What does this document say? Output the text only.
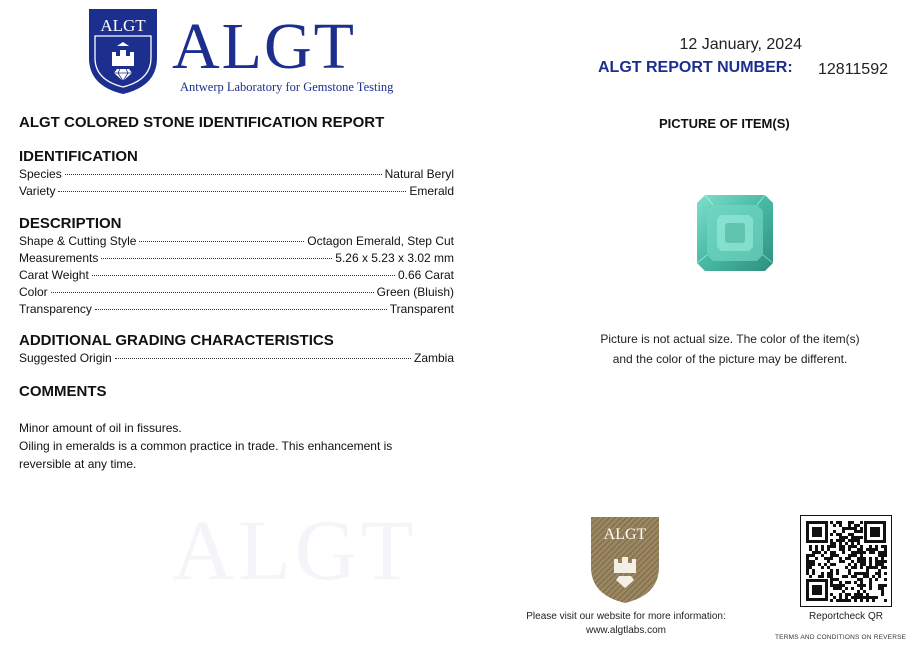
ALGT ALGT
Antwerp Laboratory for Gemstone Testing
12 January, 2024
ALGT REPORT NUMBER: 12811592
ALGT
ALGT COLORED STONE IDENTIFICATION REPORT
IDENTIFICATION
Species	Natural Beryl
Variety	Emerald
DESCRIPTION
Shape & Cutting Style	Octagon Emerald, Step Cut
Measurements	5.26 x 5.23 x 3.02 mm
Carat Weight	0.66 Carat
Color	Green (Bluish)
Transparency	Transparent
ADDITIONAL GRADING CHARACTERISTICS
Suggested Origin	Zambia
COMMENTS
Minor amount of oil in fissures.
Oiling in emeralds is a common practice in trade. This enhancement is
reversible at any time.
PICTURE OF ITEM(S)
Picture is not actual size. The color of the item(s)
and the color of the picture may be different.
ALGT
Please visit our website for more information:
www.algtlabs.com
Reportcheck QR
TERMS AND CONDITIONS ON REVERSE
